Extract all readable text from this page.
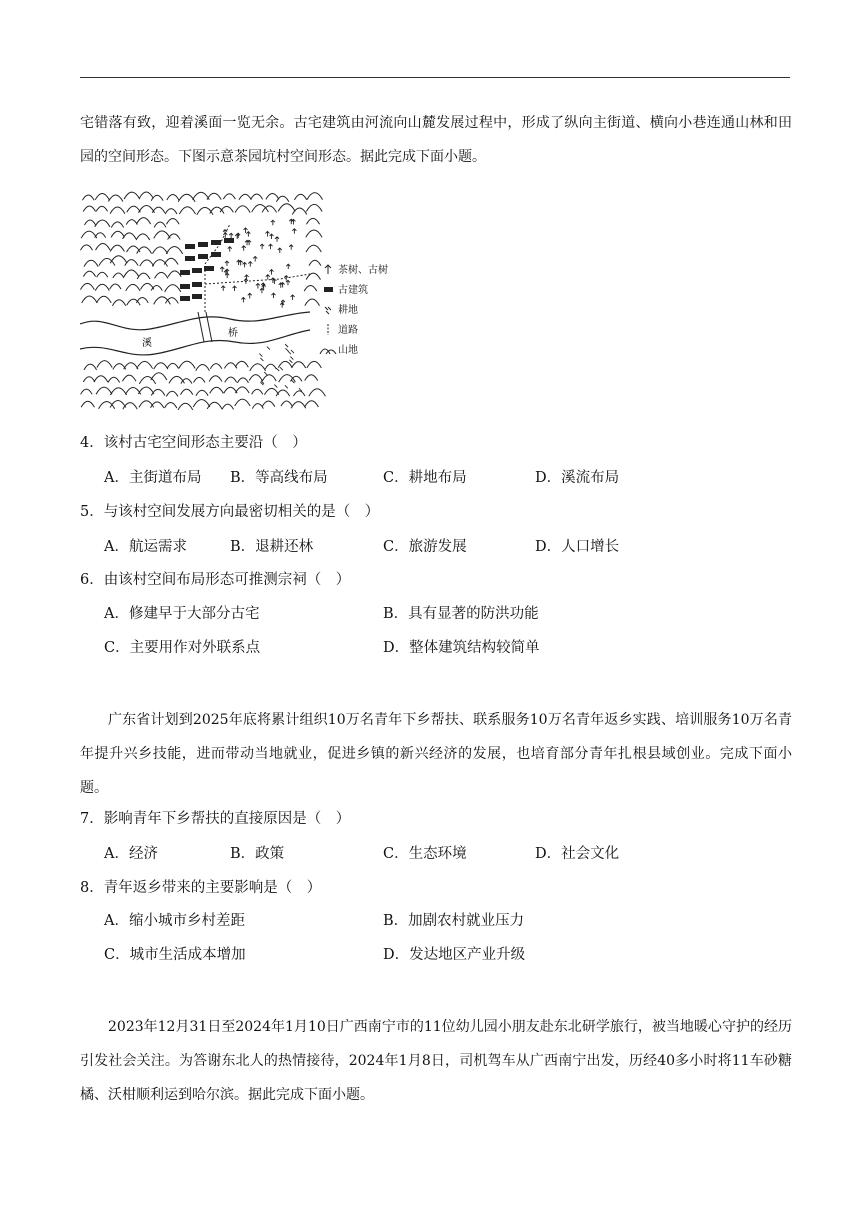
宅错落有致，迎着溪面一览无余。古宅建筑由河流向山麓发展过程中，形成了纵向主街道、横向小巷连通山林和田园的空间形态。下图示意茶园坑村空间形态。据此完成下面小题。
溪
桥
茶树、古树
古建筑
耕地
道路
山地
4．该村古宅空间形态主要沿（　）
A．主街道布局 B．等高线布局	C．耕地布局	D．溪流布局
5．与该村空间发展方向最密切相关的是（　）
A．航运需求	B．退耕还林	C．旅游发展	D．人口增长
6．由该村空间布局形态可推测宗祠（　）
A．修建早于大部分古宅	B．具有显著的防洪功能
C．主要用作对外联系点	D．整体建筑结构较简单
广东省计划到2025年底将累计组织10万名青年下乡帮扶、联系服务10万名青年返乡实践、培训服务10万名青年提升兴乡技能，进而带动当地就业，促进乡镇的新兴经济的发展，也培育部分青年扎根县域创业。完成下面小题。
7．影响青年下乡帮扶的直接原因是（　）
A．经济	B．政策	C．生态环境	D．社会文化
8．青年返乡带来的主要影响是（　）
A．缩小城市乡村差距	B．加剧农村就业压力
C．城市生活成本增加	D．发达地区产业升级
2023年12月31日至2024年1月10日广西南宁市的11位幼儿园小朋友赴东北研学旅行，被当地暖心守护的经历引发社会关注。为答谢东北人的热情接待，2024年1月8日，司机驾车从广西南宁出发，历经40多小时将11车砂糖橘、沃柑顺利运到哈尔滨。据此完成下面小题。
